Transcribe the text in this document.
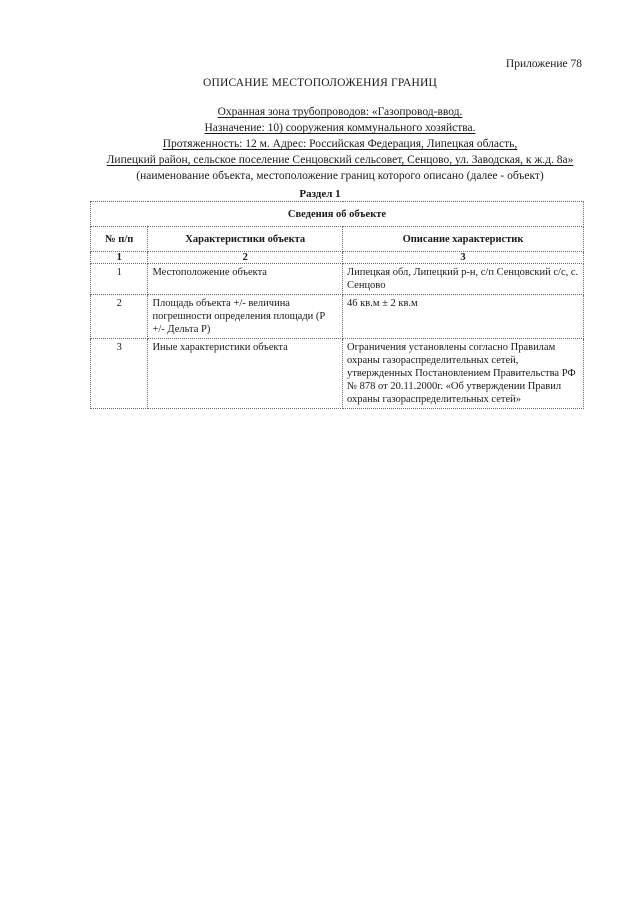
Приложение 78
ОПИСАНИЕ МЕСТОПОЛОЖЕНИЯ ГРАНИЦ
Охранная зона трубопроводов: «Газопровод-ввод.
Назначение: 10) сооружения коммунального хозяйства.
Протяженность: 12 м. Адрес: Российская Федерация, Липецкая область,
Липецкий район, сельское поселение Сенцовский сельсовет, Сенцово, ул. Заводская, к ж.д. 8а»
(наименование объекта, местоположение границ которого описано (далее - объект)
Раздел 1
Сведения об объекте		
№ п/п	Характеристики объекта	Описание характеристик
1	2	3
1	Местоположение объекта	Липецкая обл, Липецкий р-н, с/п Сенцовский с/с, с. Сенцово
2	Площадь объекта +/- величина погрешности определения площади (Р +/- Дельта Р)	46 кв.м ± 2 кв.м
3	Иные характеристики объекта	Ограничения установлены согласно Правилам охраны газораспределительных сетей, утвержденных Постановлением Правительства РФ № 878 от 20.11.2000г. «Об утверждении Правил охраны газораспределительных сетей»
